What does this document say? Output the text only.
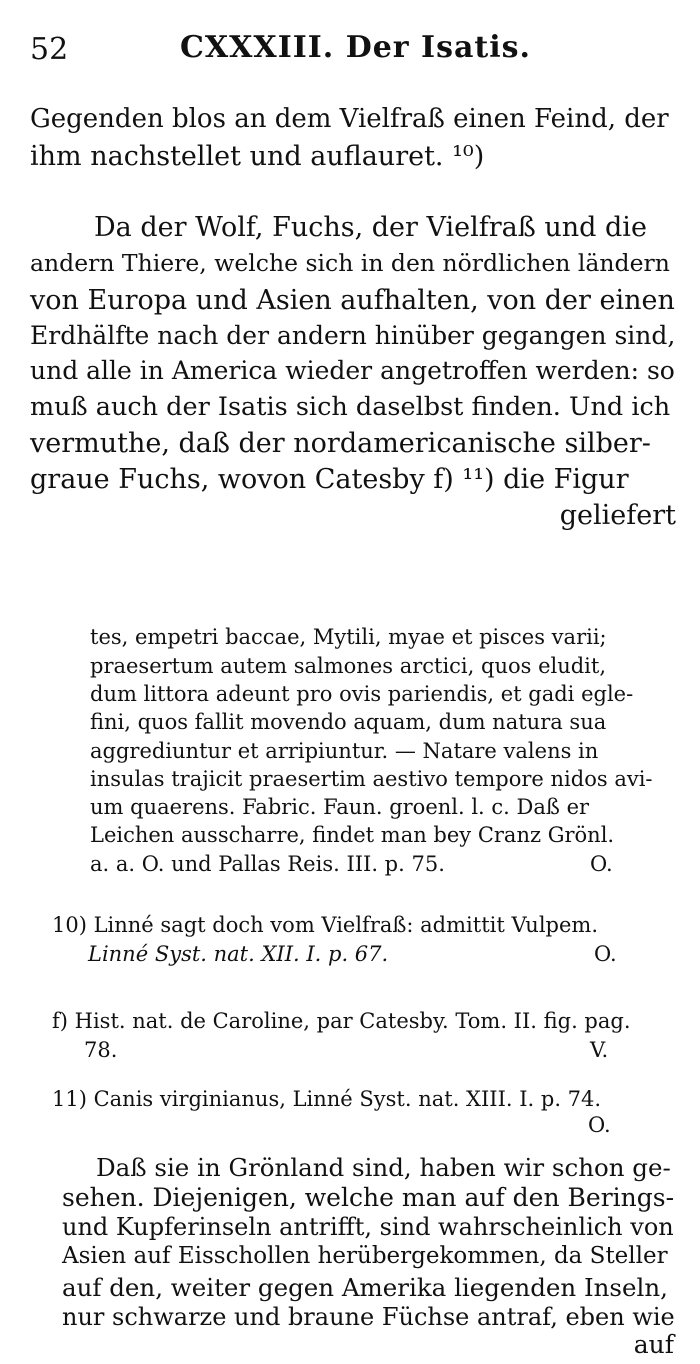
52	CXXXIII. Der Isatis.
Gegenden blos an dem Vielfraß einen Feind, der
ihm nachstellet und auflauret. ¹⁰)
Da der Wolf, Fuchs, der Vielfraß und die
andern Thiere, welche sich in den nördlichen ländern
von Europa und Asien aufhalten, von der einen
Erdhälfte nach der andern hinüber gegangen sind,
und alle in America wieder angetroffen werden: so
muß auch der Isatis sich daselbst finden. Und ich
vermuthe, daß der nordamericanische silber-
graue Fuchs, wovon Catesby f) ¹¹) die Figur
geliefert
tes, empetri baccae, Mytili, myae et pisces varii;
praesertum autem salmones arctici, quos eludit,
dum littora adeunt pro ovis pariendis, et gadi egle-
fini, quos fallit movendo aquam, dum natura sua
aggrediuntur et arripiuntur. — Natare valens in
insulas trajicit praesertim aestivo tempore nidos avi-
um quaerens. Fabric. Faun. groenl. l. c. Daß er
Leichen ausscharre, findet man bey Cranz Grönl.
a. a. O. und Pallas Reis. III. p. 75.	O.
10) Linné sagt doch vom Vielfraß: admittit Vulpem.
Linné Syst. nat. XII. I. p. 67.	O.
f) Hist. nat. de Caroline, par Catesby. Tom. II. fig. pag.
78.	V.
11) Canis virginianus, Linné Syst. nat. XIII. I. p. 74.
O.
Daß sie in Grönland sind, haben wir schon ge-
sehen. Diejenigen, welche man auf den Berings-
und Kupferinseln antrifft, sind wahrscheinlich von
Asien auf Eisschollen herübergekommen, da Steller
auf den, weiter gegen Amerika liegenden Inseln,
nur schwarze und braune Füchse antraf, eben wie
auf
